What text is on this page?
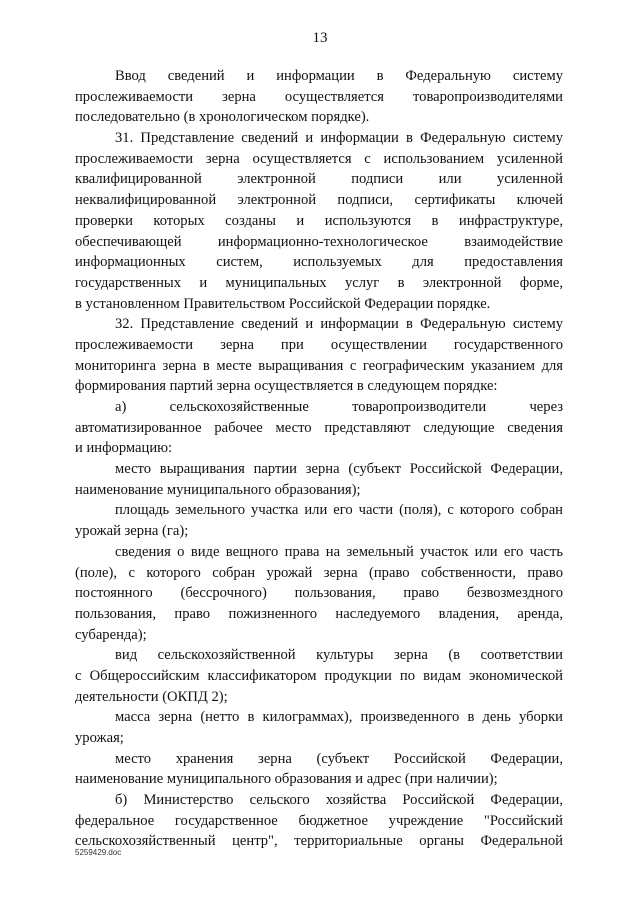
13
Ввод сведений и информации в Федеральную систему
прослеживаемости зерна осуществляется товаропроизводителями
последовательно (в хронологическом порядке).
31. Представление сведений и информации в Федеральную систему
прослеживаемости зерна осуществляется с использованием усиленной
квалифицированной электронной подписи или усиленной
неквалифицированной электронной подписи, сертификаты ключей
проверки которых созданы и используются в инфраструктуре,
обеспечивающей информационно-технологическое взаимодействие
информационных систем, используемых для предоставления
государственных и муниципальных услуг в электронной форме,
в установленном Правительством Российской Федерации порядке.
32. Представление сведений и информации в Федеральную систему
прослеживаемости зерна при осуществлении государственного
мониторинга зерна в месте выращивания с географическим указанием для
формирования партий зерна осуществляется в следующем порядке:
а) сельскохозяйственные товаропроизводители через
автоматизированное рабочее место представляют следующие сведения
и информацию:
место выращивания партии зерна (субъект Российской Федерации,
наименование муниципального образования);
площадь земельного участка или его части (поля), с которого собран
урожай зерна (га);
сведения о виде вещного права на земельный участок или его часть
(поле), с которого собран урожай зерна (право собственности, право
постоянного (бессрочного) пользования, право безвозмездного
пользования, право пожизненного наследуемого владения, аренда,
субаренда);
вид сельскохозяйственной культуры зерна (в соответствии
с Общероссийским классификатором продукции по видам экономической
деятельности (ОКПД 2);
масса зерна (нетто в килограммах), произведенного в день уборки
урожая;
место хранения зерна (субъект Российской Федерации,
наименование муниципального образования и адрес (при наличии);
б) Министерство сельского хозяйства Российской Федерации,
федеральное государственное бюджетное учреждение "Российский
сельскохозяйственный центр", территориальные органы Федеральной
5259429.doc
